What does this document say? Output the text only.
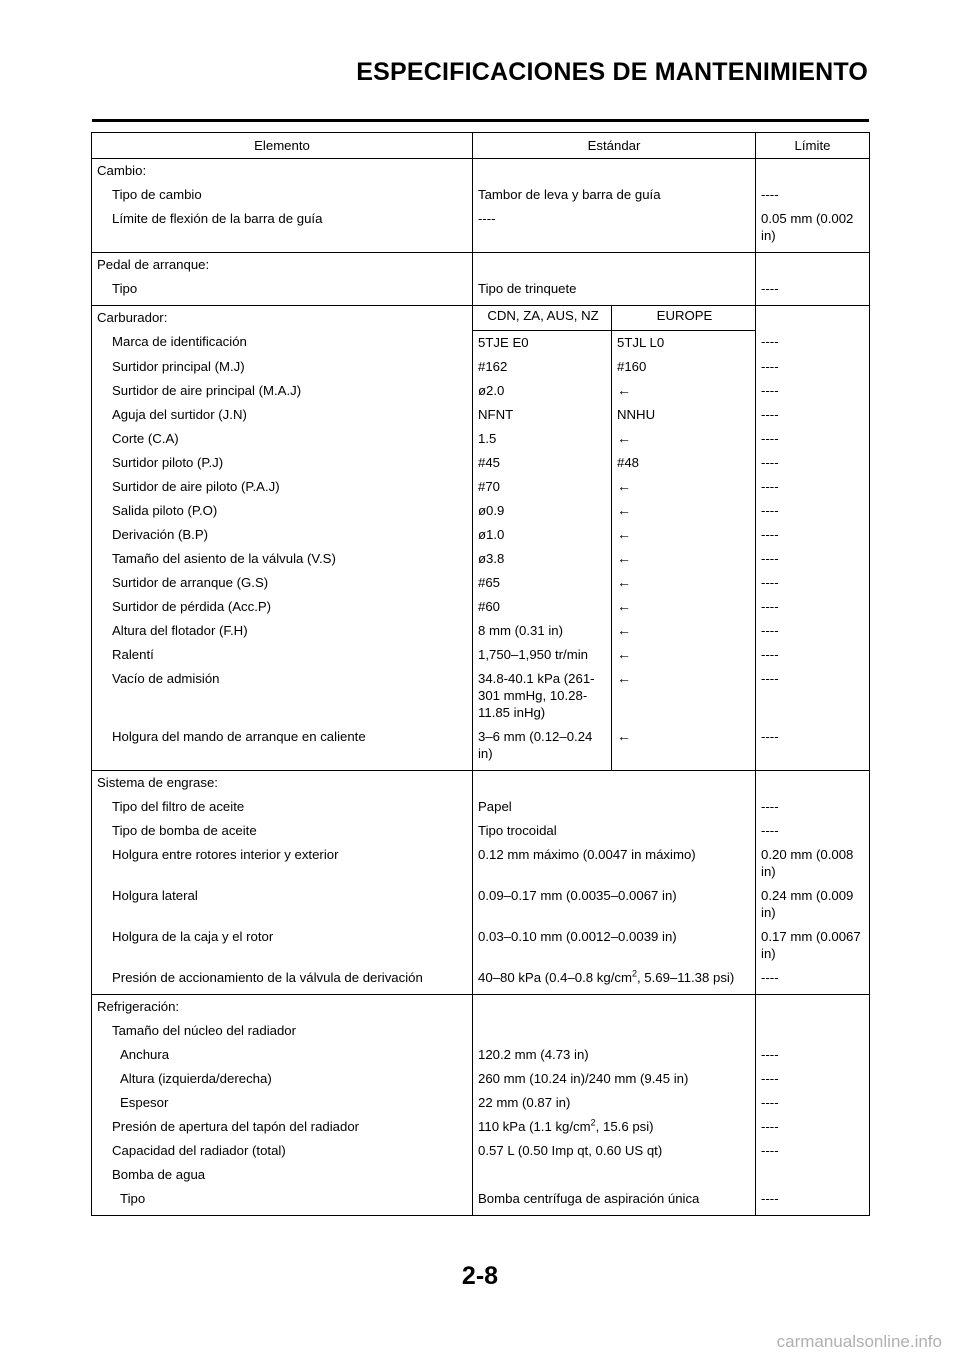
ESPECIFICACIONES DE MANTENIMIENTO
Elemento	Estándar		Límite
Cambio:			
Tipo de cambio	Tambor de leva y barra de guía		----
Límite de flexión de la barra de guía	----		0.05 mm (0.002 in)
Pedal de arranque:			
Tipo	Tipo de trinquete		----
Carburador:	CDN, ZA, AUS, NZ	EUROPE	
Marca de identificación	5TJE E0	5TJL L0	----
Surtidor principal (M.J)	#162	#160	----
Surtidor de aire principal (M.A.J)	ø2.0	←	----
Aguja del surtidor (J.N)	NFNT	NNHU	----
Corte (C.A)	1.5	←	----
Surtidor piloto (P.J)	#45	#48	----
Surtidor de aire piloto (P.A.J)	#70	←	----
Salida piloto (P.O)	ø0.9	←	----
Derivación (B.P)	ø1.0	←	----
Tamaño del asiento de la válvula (V.S)	ø3.8	←	----
Surtidor de arranque (G.S)	#65	←	----
Surtidor de pérdida (Acc.P)	#60	←	----
Altura del flotador (F.H)	8 mm (0.31 in)	←	----
Ralentí	1,750–1,950 tr/min	←	----
Vacío de admisión	34.8-40.1 kPa (261-301 mmHg, 10.28-11.85 inHg)	←	----
Holgura del mando de arranque en caliente	3–6 mm (0.12–0.24 in)	←	----
Sistema de engrase:			
Tipo del filtro de aceite	Papel		----
Tipo de bomba de aceite	Tipo trocoidal		----
Holgura entre rotores interior y exterior	0.12 mm máximo (0.0047 in máximo)		0.20 mm (0.008 in)
Holgura lateral	0.09–0.17 mm (0.0035–0.0067 in)		0.24 mm (0.009 in)
Holgura de la caja y el rotor	0.03–0.10 mm (0.0012–0.0039 in)		0.17 mm (0.0067 in)
Presión de accionamiento de la válvula de derivación	40–80 kPa (0.4–0.8 $kg/cm^2$, 5.69–11.38 psi)		----
Refrigeración:			
Tamaño del núcleo del radiador			
Anchura	120.2 mm (4.73 in)		----
Altura (izquierda/derecha)	260 mm (10.24 in)/240 mm (9.45 in)		----
Espesor	22 mm (0.87 in)		----
Presión de apertura del tapón del radiador	110 kPa (1.1 $kg/cm^2$, 15.6 psi)		----
Capacidad del radiador (total)	0.57 L (0.50 Imp qt, 0.60 US qt)		----
Bomba de agua			
Tipo	Bomba centrífuga de aspiración única		----
2-8
carmanualsonline.info
